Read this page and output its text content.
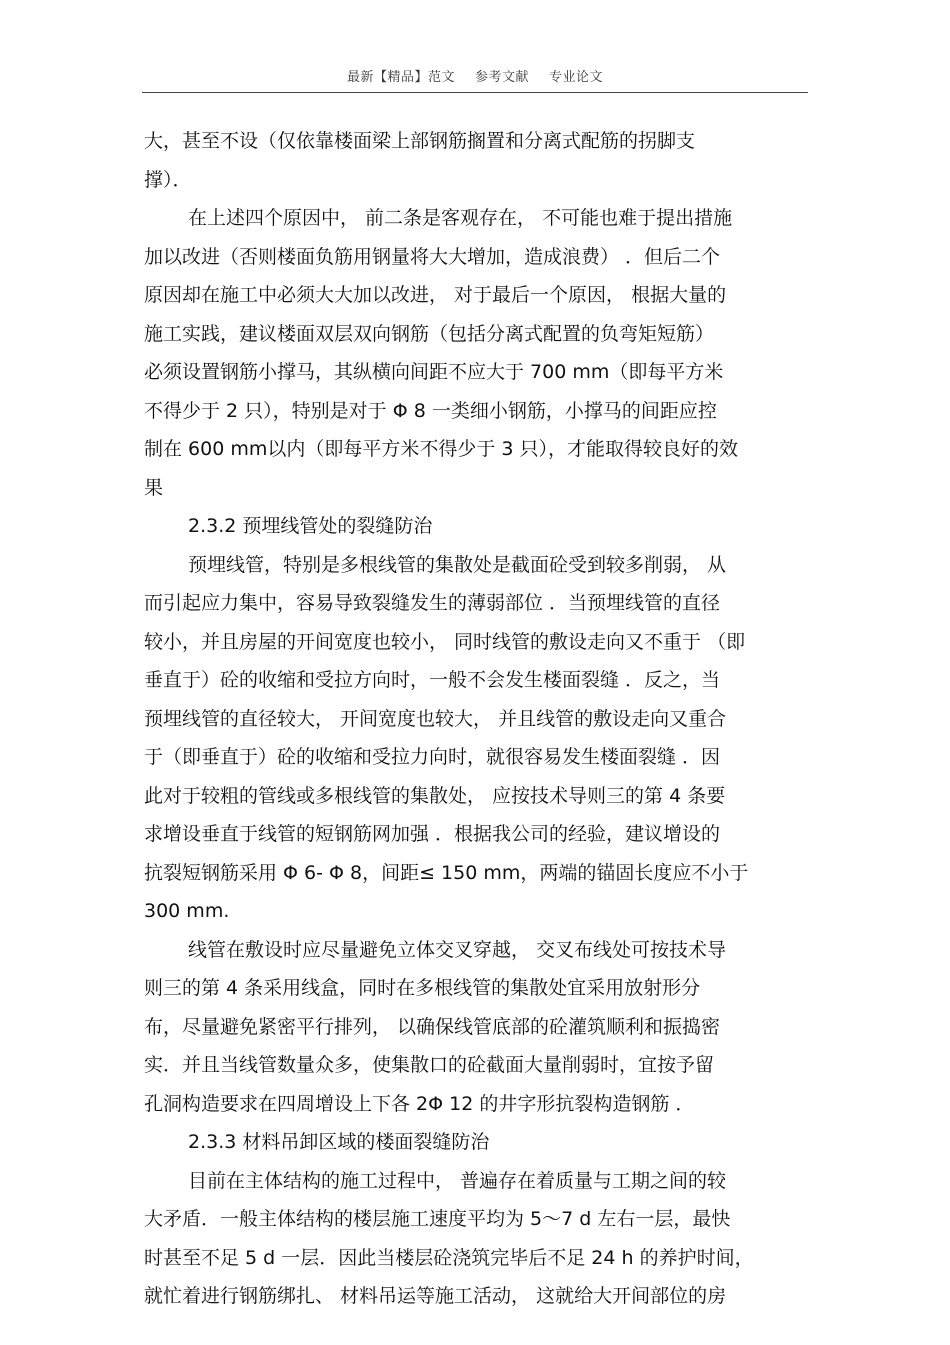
最新【精品】范文 参考文献 专业论文
大，甚至不设（仅依靠楼面梁上部钢筋搁置和分离式配筋的拐脚支
撑）．
在上述四个原因中， 前二条是客观存在， 不可能也难于提出措施
加以改进（否则楼面负筋用钢量将大大增加，造成浪费） ．但后二个
原因却在施工中必须大大加以改进， 对于最后一个原因， 根据大量的
施工实践，建议楼面双层双向钢筋（包括分离式配置的负弯矩短筋）
必须设置钢筋小撑马，其纵横向间距不应大于 700 mm（即每平方米
不得少于 2 只），特别是对于 Φ 8 一类细小钢筋，小撑马的间距应控
制在 600 mm以内（即每平方米不得少于 3 只），才能取得较良好的效
果
2.3.2 预埋线管处的裂缝防治
预埋线管，特别是多根线管的集散处是截面砼受到较多削弱， 从
而引起应力集中，容易导致裂缝发生的薄弱部位 ．当预埋线管的直径
较小，并且房屋的开间宽度也较小， 同时线管的敷设走向又不重于 （即
垂直于）砼的收缩和受拉方向时，一般不会发生楼面裂缝 ．反之，当
预埋线管的直径较大， 开间宽度也较大， 并且线管的敷设走向又重合
于（即垂直于）砼的收缩和受拉力向时，就很容易发生楼面裂缝 ．因
此对于较粗的管线或多根线管的集散处， 应按技术导则三的第 4 条要
求增设垂直于线管的短钢筋网加强 ．根据我公司的经验，建议增设的
抗裂短钢筋采用 Φ 6- Φ 8，间距≤ 150 mm，两端的锚固长度应不小于
300 mm.
线管在敷设时应尽量避免立体交叉穿越， 交叉布线处可按技术导
则三的第 4 条采用线盒，同时在多根线管的集散处宜采用放射形分
布，尽量避免紧密平行排列， 以确保线管底部的砼灌筑顺利和振捣密
实．并且当线管数量众多，使集散口的砼截面大量削弱时，宜按予留
孔洞构造要求在四周增设上下各 2Φ 12 的井字形抗裂构造钢筋 ．
2.3.3 材料吊卸区域的楼面裂缝防治
目前在主体结构的施工过程中， 普遍存在着质量与工期之间的较
大矛盾．一般主体结构的楼层施工速度平均为 5～7 d 左右一层，最快
时甚至不足 5 d 一层．因此当楼层砼浇筑完毕后不足 24 h 的养护时间，
就忙着进行钢筋绑扎、 材料吊运等施工活动， 这就给大开间部位的房
